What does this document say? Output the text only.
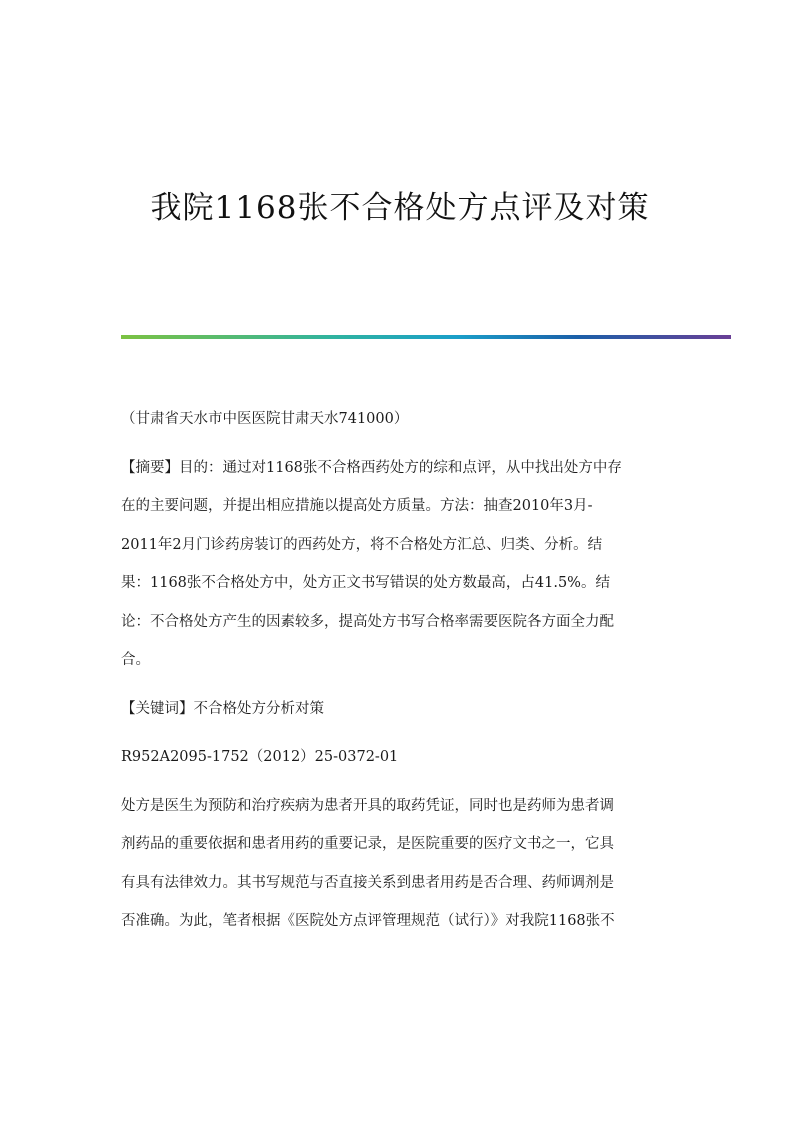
我院1168张不合格处方点评及对策
（甘肃省天水市中医医院甘肃天水741000）
【摘要】目的：通过对1168张不合格西药处方的综和点评，从中找出处方中存
在的主要问题，并提出相应措施以提高处方质量。方法：抽查2010年3月-
2011年2月门诊药房装订的西药处方，将不合格处方汇总、归类、分析。结
果：1168张不合格处方中，处方正文书写错误的处方数最高，占41.5%。结
论：不合格处方产生的因素较多，提高处方书写合格率需要医院各方面全力配
合。
【关键词】不合格处方分析对策
R952A2095-1752（2012）25-0372-01
处方是医生为预防和治疗疾病为患者开具的取药凭证，同时也是药师为患者调
剂药品的重要依据和患者用药的重要记录，是医院重要的医疗文书之一，它具
有具有法律效力。其书写规范与否直接关系到患者用药是否合理、药师调剂是
否准确。为此，笔者根据《医院处方点评管理规范（试行）》对我院1168张不
